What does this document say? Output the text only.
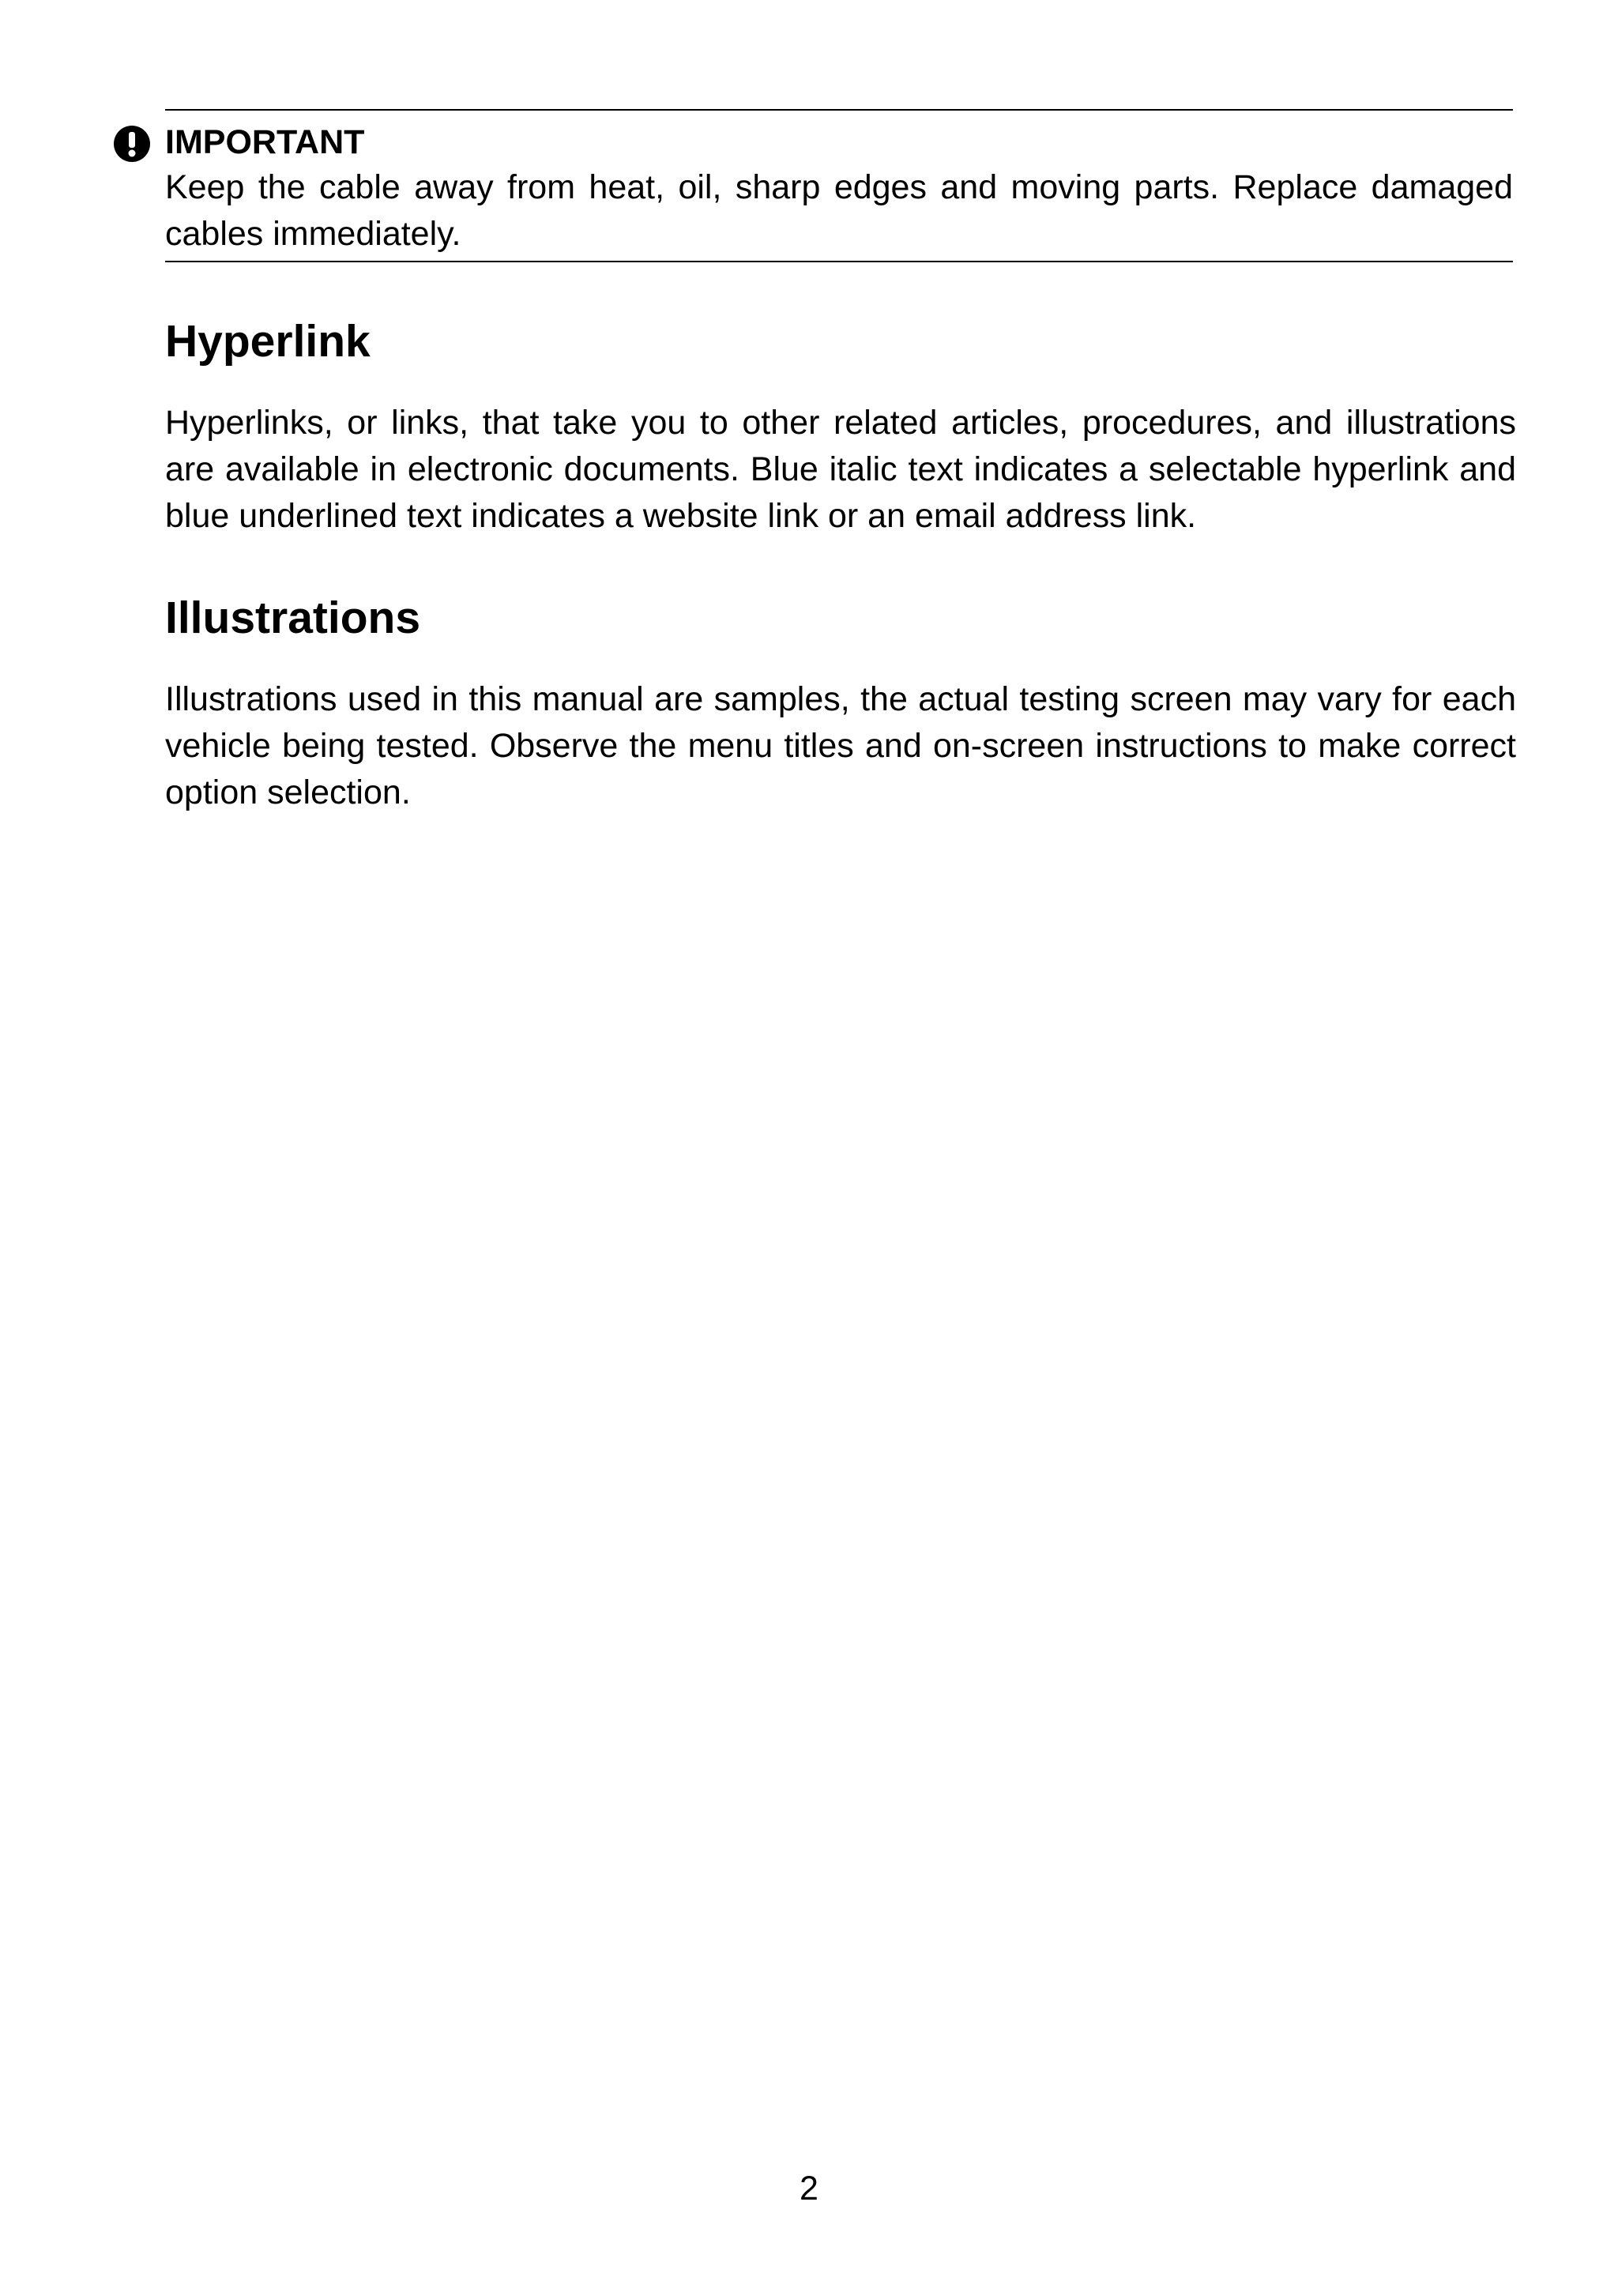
IMPORTANT

Keep the cable away from heat, oil, sharp edges and moving parts. Replace damaged cables immediately.

Hyperlink

Hyperlinks, or links, that take you to other related articles, procedures, and illustrations are available in electronic documents. Blue italic text indicates a selectable hyperlink and blue underlined text indicates a website link or an email address link.

Illustrations

Illustrations used in this manual are samples, the actual testing screen may vary for each vehicle being tested. Observe the menu titles and on-screen instructions to make correct option selection.

2
